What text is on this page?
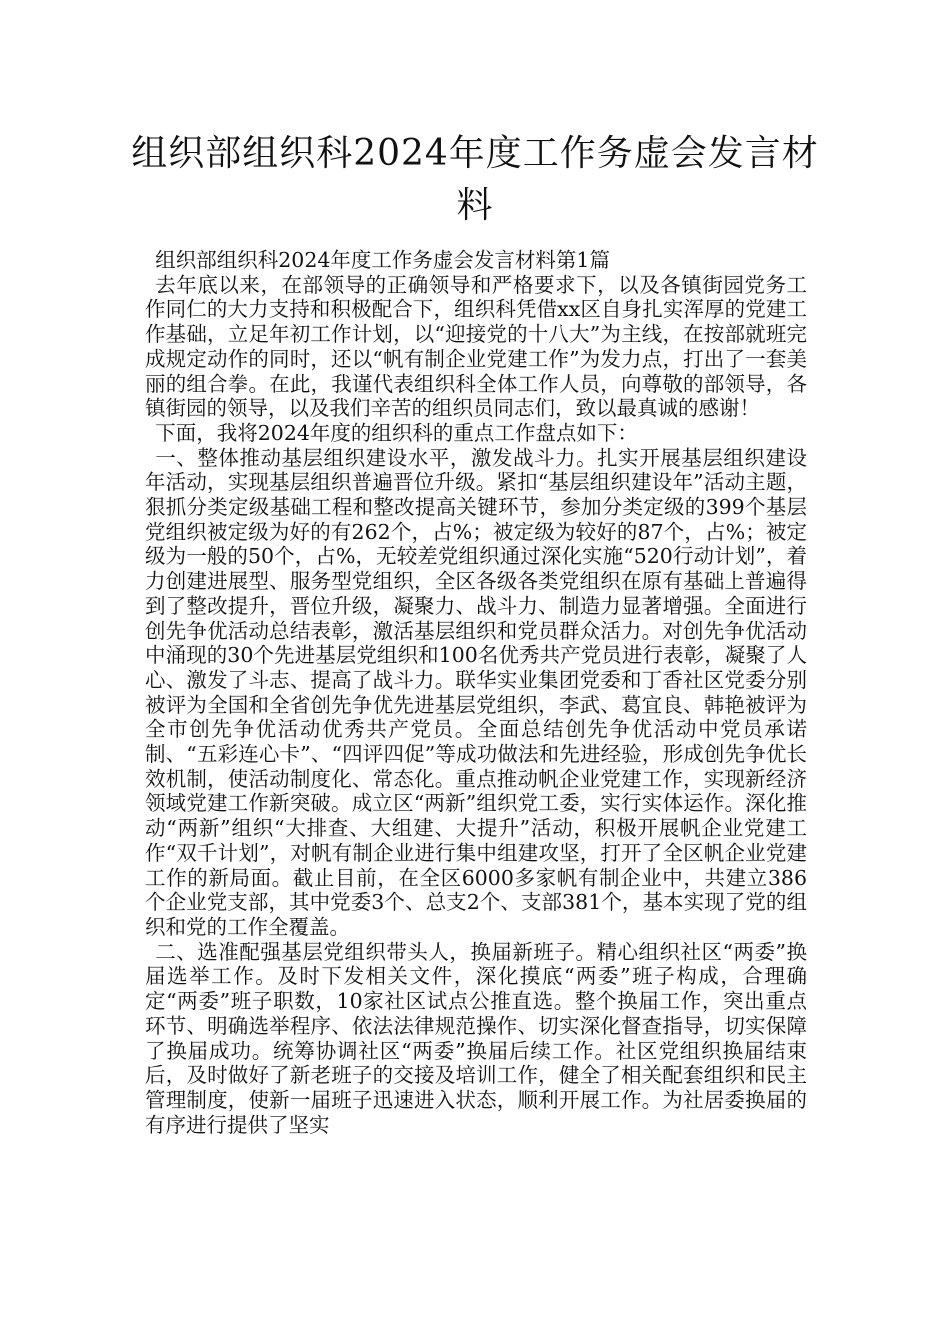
组织部组织科2024年度工作务虚会发言材料

组织部组织科2024年度工作务虚会发言材料第1篇

去年底以来，在部领导的正确领导和严格要求下，以及各镇街园党务工作同仁的大力支持和积极配合下，组织科凭借xx区自身扎实浑厚的党建工作基础，立足年初工作计划，以“迎接党的十八大”为主线，在按部就班完成规定动作的同时，还以“帆有制企业党建工作”为发力点，打出了一套美丽的组合拳。在此，我谨代表组织科全体工作人员，向尊敬的部领导，各镇街园的领导，以及我们辛苦的组织员同志们，致以最真诚的感谢！

下面，我将2024年度的组织科的重点工作盘点如下：

一、整体推动基层组织建设水平，激发战斗力。扎实开展基层组织建设年活动，实现基层组织普遍晋位升级。紧扣“基层组织建设年”活动主题，狠抓分类定级基础工程和整改提高关键环节，参加分类定级的399个基层党组织被定级为好的有262个，占%；被定级为较好的87个，占%；被定级为一般的50个，占%，无较差党组织通过深化实施“520行动计划”，着力创建进展型、服务型党组织，全区各级各类党组织在原有基础上普遍得到了整改提升，晋位升级，凝聚力、战斗力、制造力显著增强。全面进行创先争优活动总结表彰，激活基层组织和党员群众活力。对创先争优活动中涌现的30个先进基层党组织和100名优秀共产党员进行表彰，凝聚了人心、激发了斗志、提高了战斗力。联华实业集团党委和丁香社区党委分别被评为全国和全省创先争优先进基层党组织，李武、葛宜良、韩艳被评为全市创先争优活动优秀共产党员。全面总结创先争优活动中党员承诺制、“五彩连心卡”、“四评四促”等成功做法和先进经验，形成创先争优长效机制，使活动制度化、常态化。重点推动帆企业党建工作，实现新经济领域党建工作新突破。成立区“两新”组织党工委，实行实体运作。深化推动“两新”组织“大排查、大组建、大提升”活动，积极开展帆企业党建工作“双千计划”，对帆有制企业进行集中组建攻坚，打开了全区帆企业党建工作的新局面。截止目前，在全区6000多家帆有制企业中，共建立386个企业党支部，其中党委3个、总支2个、支部381个，基本实现了党的组织和党的工作全覆盖。

二、选准配强基层党组织带头人，换届新班子。精心组织社区“两委”换届选举工作。及时下发相关文件，深化摸底“两委”班子构成，合理确定“两委”班子职数，10家社区试点公推直选。整个换届工作，突出重点环节、明确选举程序、依法法律规范操作、切实深化督查指导，切实保障了换届成功。统筹协调社区“两委”换届后续工作。社区党组织换届结束后，及时做好了新老班子的交接及培训工作，健全了相关配套组织和民主管理制度，使新一届班子迅速进入状态，顺利开展工作。为社居委换届的有序进行提供了坚实
